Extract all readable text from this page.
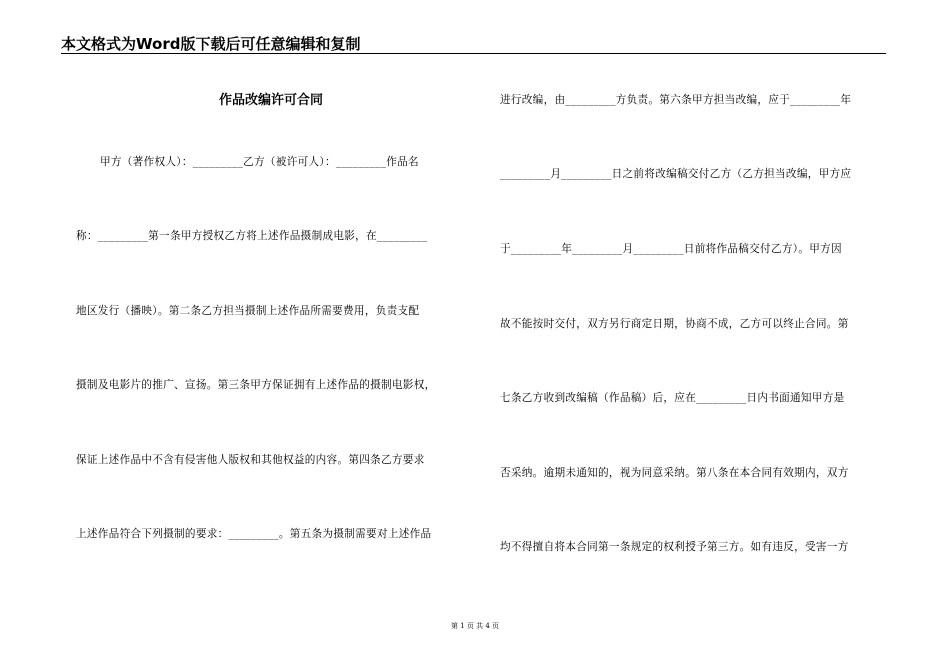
本文格式为Word版下载后可任意编辑和复制
作品改编许可合同
甲方（著作权人）：_________乙方（被许可人）：_________作品名
称：_________第一条甲方授权乙方将上述作品摄制成电影，在_________
地区发行（播映）。第二条乙方担当摄制上述作品所需要费用，负责支配
摄制及电影片的推广、宣扬。第三条甲方保证拥有上述作品的摄制电影权，
保证上述作品中不含有侵害他人版权和其他权益的内容。第四条乙方要求
上述作品符合下列摄制的要求：_________。第五条为摄制需要对上述作品
进行改编，由_________方负责。第六条甲方担当改编，应于_________年
_________月_________日之前将改编稿交付乙方（乙方担当改编，甲方应
于_________年_________月_________日前将作品稿交付乙方）。甲方因
故不能按时交付，双方另行商定日期，协商不成，乙方可以终止合同。第
七条乙方收到改编稿（作品稿）后，应在_________日内书面通知甲方是
否采纳。逾期未通知的，视为同意采纳。第八条在本合同有效期内，双方
均不得擅自将本合同第一条规定的权利授予第三方。如有违反，受害一方
第 1 页 共 4 页
